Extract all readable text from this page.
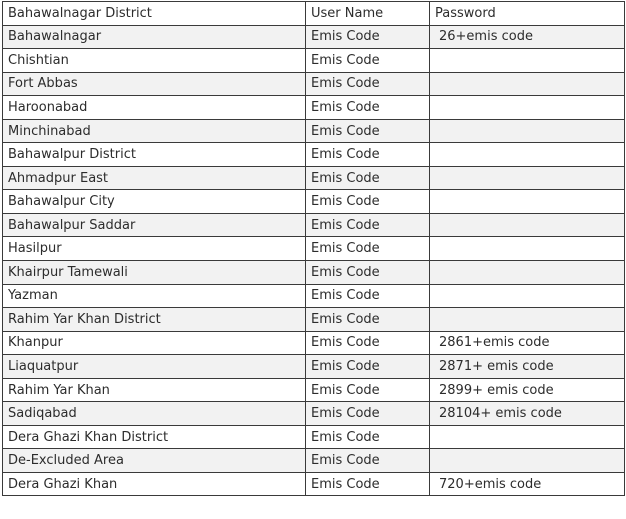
Bahawalnagar District	User Name	Password
Bahawalnagar	Emis Code	26+emis code
Chishtian	Emis Code	
Fort Abbas	Emis Code	
Haroonabad	Emis Code	
Minchinabad	Emis Code	
Bahawalpur District	Emis Code	
Ahmadpur East	Emis Code	
Bahawalpur City	Emis Code	
Bahawalpur Saddar	Emis Code	
Hasilpur	Emis Code	
Khairpur Tamewali	Emis Code	
Yazman	Emis Code	
Rahim Yar Khan District	Emis Code	
Khanpur	Emis Code	2861+emis code
Liaquatpur	Emis Code	2871+ emis code
Rahim Yar Khan	Emis Code	2899+ emis code
Sadiqabad	Emis Code	28104+ emis code
Dera Ghazi Khan District	Emis Code	
De-Excluded Area	Emis Code	
Dera Ghazi Khan	Emis Code	720+emis code
